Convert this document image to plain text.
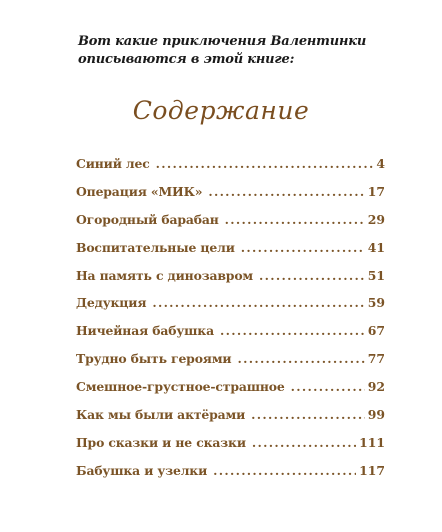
Вот какие приключения Валентинки
описываются в этой книге:
Содержание
Синий лес .....	4
Операция «МИК» .....	17
Огородный барабан .....	29
Воспитательные цели .....	41
На память с динозавром .....	51
Дедукция .....	59
Ничейная бабушка .....	67
Трудно быть героями .....	77
Смешное-грустное-страшное .....	92
Как мы были актёрами .....	99
Про сказки и не сказки .....	111
Бабушка и узелки .....	117
